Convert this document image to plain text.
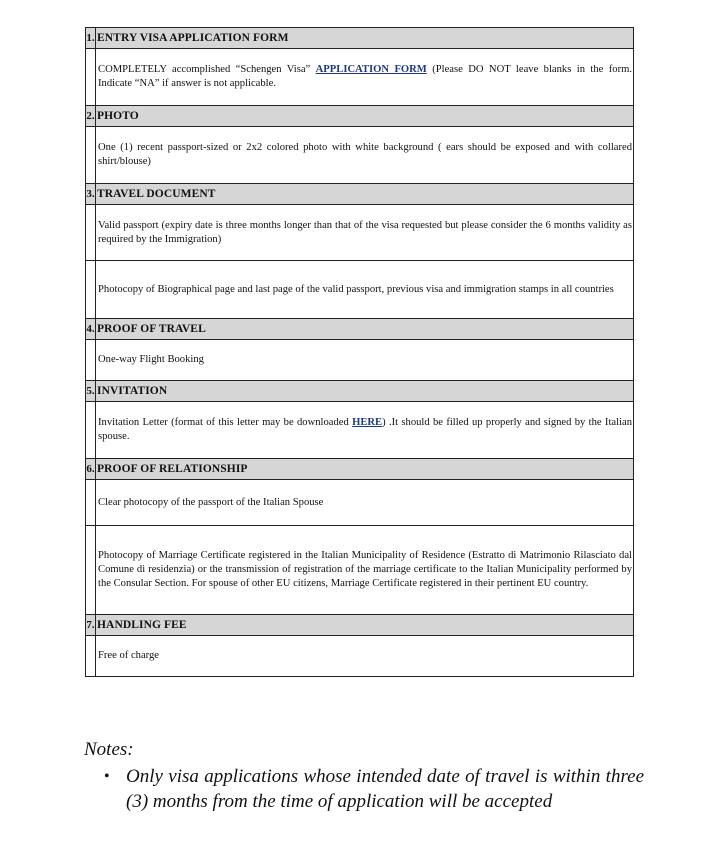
1.	ENTRY VISA APPLICATION FORM
	COMPLETELY accomplished “Schengen Visa” APPLICATION FORM (Please DO NOT leave blanks in the form. Indicate “NA” if answer is not applicable.
2.	PHOTO
	One (1) recent passport-sized or 2x2 colored photo with white background ( ears should be exposed and with collared shirt/blouse)
3.	TRAVEL DOCUMENT
	Valid passport (expiry date is three months longer than that of the visa requested but please consider the 6 months validity as required by the Immigration)
	Photocopy of Biographical page and last page of the valid passport, previous visa and immigration stamps in all countries
4.	PROOF OF TRAVEL
	One-way Flight Booking
5.	INVITATION
	Invitation Letter (format of this letter may be downloaded HERE) .It should be filled up properly and signed by the Italian spouse.
6.	PROOF OF RELATIONSHIP
	Clear photocopy of the passport of the Italian Spouse
	Photocopy of Marriage Certificate registered in the Italian Municipality of Residence (Estratto di Matrimonio Rilasciato dal Comune di residenzia) or the transmission of registration of the marriage certificate to the Italian Municipality performed by the Consular Section. For spouse of other EU citizens, Marriage Certificate registered in their pertinent EU country.
7.	HANDLING FEE
	Free of charge
Notes:
• Only visa applications whose intended date of travel is within three (3) months from the time of application will be accepted
